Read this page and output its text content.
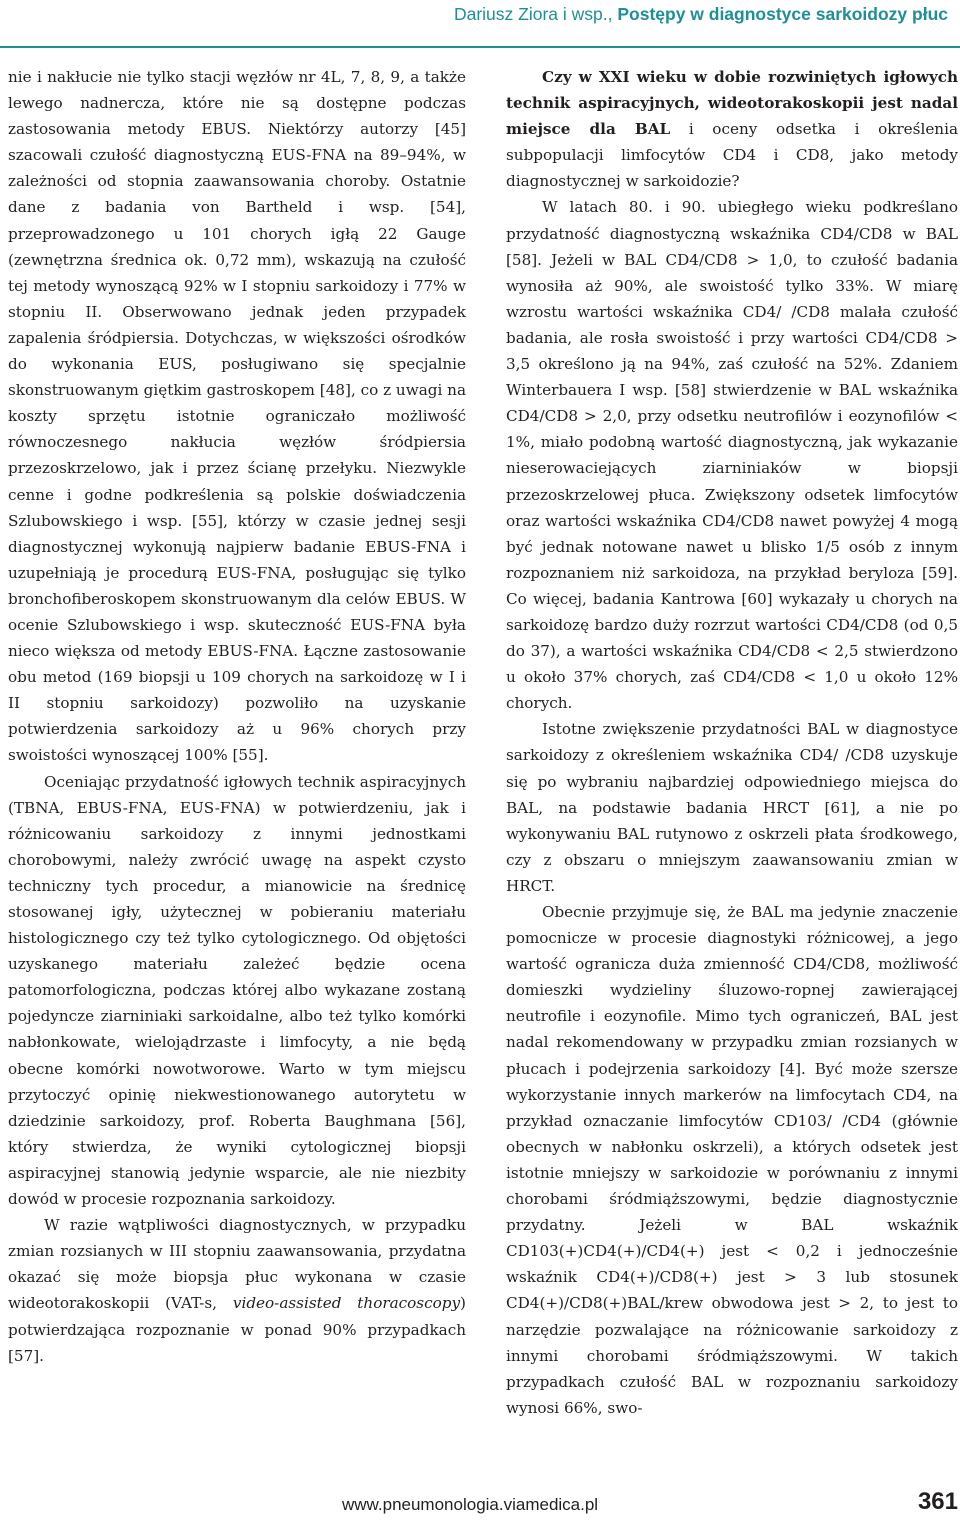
Dariusz Ziora i wsp., Postępy w diagnostyce sarkoidozy płuc

nie i nakłucie nie tylko stacji węzłów nr 4L, 7, 8, 9, a także lewego nadnercza, które nie są dostępne podczas zastosowania metody EBUS. Niektórzy autorzy [45] szacowali czułość diagnostyczną EUS-FNA na 89–94%, w zależności od stopnia zaawansowania choroby. Ostatnie dane z badania von Bartheld i wsp. [54], przeprowadzonego u 101 chorych igłą 22 Gauge (zewnętrzna średnica ok. 0,72 mm), wskazują na czułość tej metody wynoszącą 92% w I stopniu sarkoidozy i 77% w stopniu II. Obserwowano jednak jeden przypadek zapalenia śródpiersia. Dotychczas, w większości ośrodków do wykonania EUS, posługiwano się specjalnie skonstruowanym giętkim gastroskopem [48], co z uwagi na koszty sprzętu istotnie ograniczało możliwość równoczesnego nakłucia węzłów śródpiersia przezoskrzelowo, jak i przez ścianę przełyku. Niezwykle cenne i godne podkreślenia są polskie doświadczenia Szlubowskiego i wsp. [55], którzy w czasie jednej sesji diagnostycznej wykonują najpierw badanie EBUS-FNA i uzupełniają je procedurą EUS-FNA, posługując się tylko bronchofiberoskopem skonstruowanym dla celów EBUS. W ocenie Szlubowskiego i wsp. skuteczność EUS-FNA była nieco większa od metody EBUS-FNA. Łączne zastosowanie obu metod (169 biopsji u 109 chorych na sarkoidozę w I i II stopniu sarkoidozy) pozwoliło na uzyskanie potwierdzenia sarkoidozy aż u 96% chorych przy swoistości wynoszącej 100% [55].

Oceniając przydatność igłowych technik aspiracyjnych (TBNA, EBUS-FNA, EUS-FNA) w potwierdzeniu, jak i różnicowaniu sarkoidozy z innymi jednostkami chorobowymi, należy zwrócić uwagę na aspekt czysto techniczny tych procedur, a mianowicie na średnicę stosowanej igły, użytecznej w pobieraniu materiału histologicznego czy też tylko cytologicznego. Od objętości uzyskanego materiału zależeć będzie ocena patomorfologiczna, podczas której albo wykazane zostaną pojedyncze ziarniniaki sarkoidalne, albo też tylko komórki nabłonkowate, wielojądrzaste i limfocyty, a nie będą obecne komórki nowotworowe. Warto w tym miejscu przytoczyć opinię niekwestionowanego autorytetu w dziedzinie sarkoidozy, prof. Roberta Baughmana [56], który stwierdza, że wyniki cytologicznej biopsji aspiracyjnej stanowią jedynie wsparcie, ale nie niezbity dowód w procesie rozpoznania sarkoidozy.

W razie wątpliwości diagnostycznych, w przypadku zmian rozsianych w III stopniu zaawansowania, przydatna okazać się może biopsja płuc wykonana w czasie wideotorakoskopii (VAT-s, video-assisted thoracoscopy) potwierdzająca rozpoznanie w ponad 90% przypadkach [57].

Czy w XXI wieku w dobie rozwiniętych igłowych technik aspiracyjnych, wideotorakoskopii jest nadal miejsce dla BAL i oceny odsetka i określenia subpopulacji limfocytów CD4 i CD8, jako metody diagnostycznej w sarkoidozie?

W latach 80. i 90. ubiegłego wieku podkreślano przydatność diagnostyczną wskaźnika CD4/CD8 w BAL [58]. Jeżeli w BAL CD4/CD8 > 1,0, to czułość badania wynosiła aż 90%, ale swoistość tylko 33%. W miarę wzrostu wartości wskaźnika CD4/ /CD8 malała czułość badania, ale rosła swoistość i przy wartości CD4/CD8 > 3,5 określono ją na 94%, zaś czułość na 52%. Zdaniem Winterbauera I wsp. [58] stwierdzenie w BAL wskaźnika CD4/CD8 > 2,0, przy odsetku neutrofilów i eozynofilów < 1%, miało podobną wartość diagnostyczną, jak wykazanie nieserowaciejących ziarniniaków w biopsji przezoskrzelowej płuca. Zwiększony odsetek limfocytów oraz wartości wskaźnika CD4/CD8 nawet powyżej 4 mogą być jednak notowane nawet u blisko 1/5 osób z innym rozpoznaniem niż sarkoidoza, na przykład beryloza [59]. Co więcej, badania Kantrowa [60] wykazały u chorych na sarkoidozę bardzo duży rozrzut wartości CD4/CD8 (od 0,5 do 37), a wartości wskaźnika CD4/CD8 < 2,5 stwierdzono u około 37% chorych, zaś CD4/CD8 < 1,0 u około 12% chorych.

Istotne zwiększenie przydatności BAL w diagnostyce sarkoidozy z określeniem wskaźnika CD4/ /CD8 uzyskuje się po wybraniu najbardziej odpowiedniego miejsca do BAL, na podstawie badania HRCT [61], a nie po wykonywaniu BAL rutynowo z oskrzeli płata środkowego, czy z obszaru o mniejszym zaawansowaniu zmian w HRCT.

Obecnie przyjmuje się, że BAL ma jedynie znaczenie pomocnicze w procesie diagnostyki różnicowej, a jego wartość ogranicza duża zmienność CD4/CD8, możliwość domieszki wydzieliny śluzowo-ropnej zawierającej neutrofile i eozynofile. Mimo tych ograniczeń, BAL jest nadal rekomendowany w przypadku zmian rozsianych w płucach i podejrzenia sarkoidozy [4]. Być może szersze wykorzystanie innych markerów na limfocytach CD4, na przykład oznaczanie limfocytów CD103/ /CD4 (głównie obecnych w nabłonku oskrzeli), a których odsetek jest istotnie mniejszy w sarkoidozie w porównaniu z innymi chorobami śródmiąższowymi, będzie diagnostycznie przydatny. Jeżeli w BAL wskaźnik CD103(+)CD4(+)/CD4(+) jest < 0,2 i jednocześnie wskaźnik CD4(+)/CD8(+) jest > 3 lub stosunek CD4(+)/CD8(+)BAL/krew obwodowa jest > 2, to jest to narzędzie pozwalające na różnicowanie sarkoidozy z innymi chorobami śródmiąższowymi. W takich przypadkach czułość BAL w rozpoznaniu sarkoidozy wynosi 66%, swo-

www.pneumonologia.viamedica.pl	361
